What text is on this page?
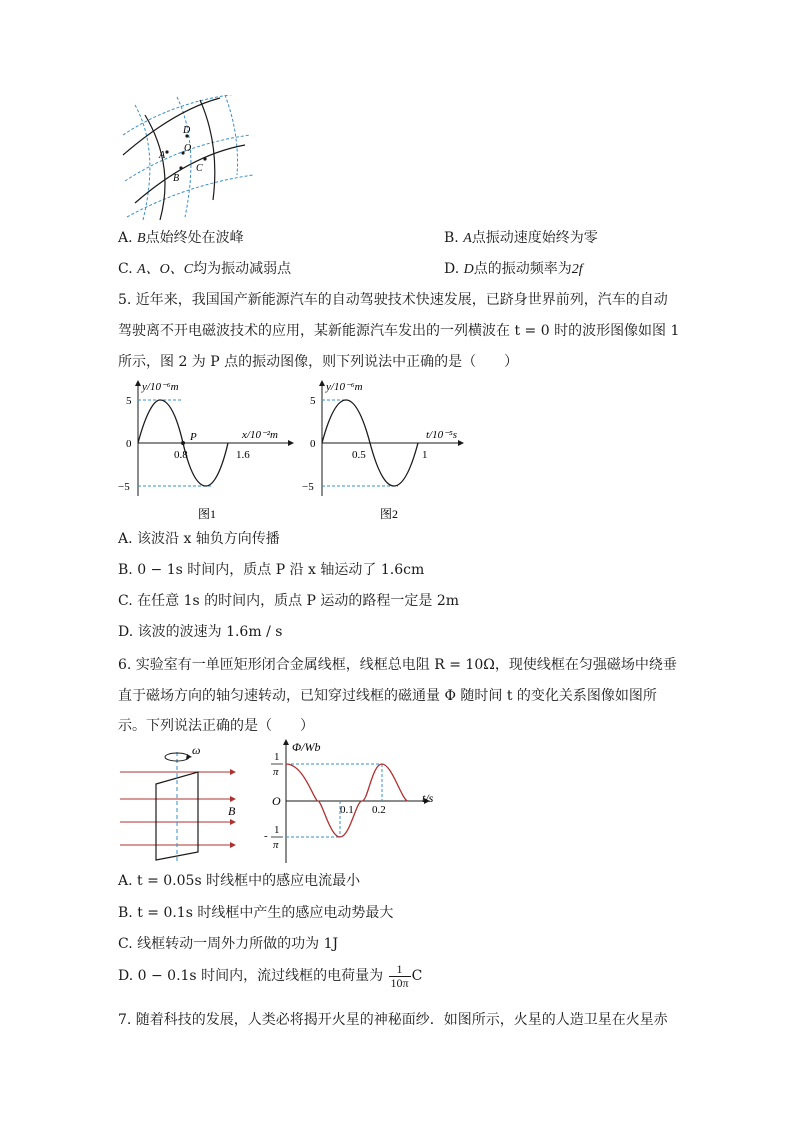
D
O
A
B
C
A. B点始终处在波峰	B. A点振动速度始终为零
C. A、O、C均为振动减弱点	D. D点的振动频率为2f
5. 近年来，我国国产新能源汽车的自动驾驶技术快速发展，已跻身世界前列，汽车的自动
驾驶离不开电磁波技术的应用，某新能源汽车发出的一列横波在 t = 0 时的波形图像如图 1
所示，图 2 为 P 点的振动图像，则下列说法中正确的是（　　）
y/10⁻⁶m
x/10⁻²m
5
0
−5
0.8	1.6
P
图1
y/10⁻⁶m
t/10⁻⁵s
5
0
−5
0.5	1
图2
A. 该波沿 x 轴负方向传播
B. 0 − 1s 时间内，质点 P 沿 x 轴运动了 1.6cm
C. 在任意 1s 的时间内，质点 P 运动的路程一定是 2m
D. 该波的波速为 1.6m / s
6. 实验室有一单匝矩形闭合金属线框，线框总电阻 R = 10Ω，现使线框在匀强磁场中绕垂
直于磁场方向的轴匀速转动，已知穿过线框的磁通量 Φ 随时间 t 的变化关系图像如图所
示。下列说法正确的是（　　）
ω
B
Φ/Wb
t/s
O
0.1 0.2
1
π
- 1
π
A. t = 0.05s 时线框中的感应电流最小
B. t = 0.1s 时线框中产生的感应电动势最大
C. 线框转动一周外力所做的功为 1J
D. 0 − 0.1s 时间内，流过线框的电荷量为 $\frac{1}{10\pi}$ C
7. 随着科技的发展，人类必将揭开火星的神秘面纱．如图所示，火星的人造卫星在火星赤
